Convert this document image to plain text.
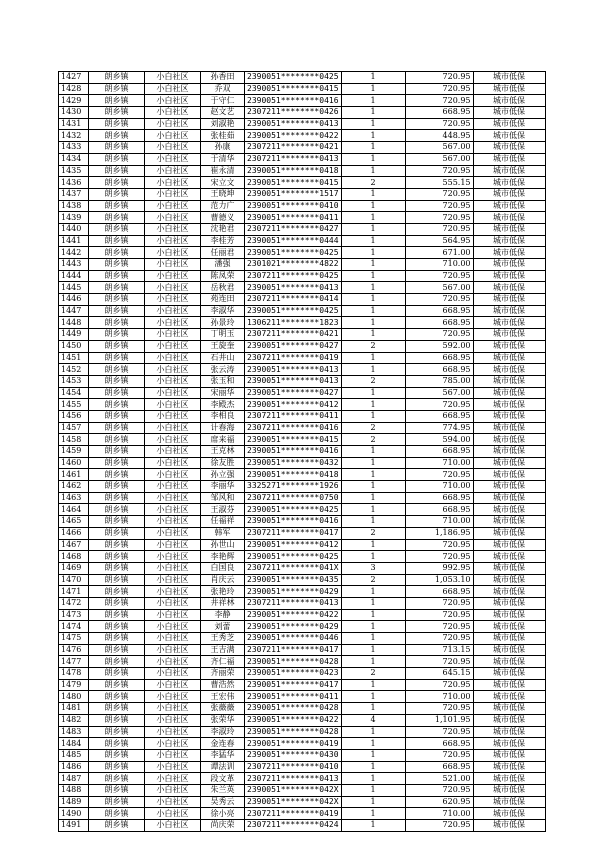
1427	朗乡镇	小白社区	孙香田	2390051********0425	1	720.95	城市低保
1428	朗乡镇	小白社区	乔双	2390051********0415	1	720.95	城市低保
1429	朗乡镇	小白社区	于守仁	2390051********0416	1	720.95	城市低保
1430	朗乡镇	小白社区	赵文艺	2307211********0426	1	668.95	城市低保
1431	朗乡镇	小白社区	刘淑艳	2390051********0413	1	720.95	城市低保
1432	朗乡镇	小白社区	张桂茹	2390051********0422	1	448.95	城市低保
1433	朗乡镇	小白社区	孙康	2307211********0421	1	567.00	城市低保
1434	朗乡镇	小白社区	于清华	2307211********0413	1	567.00	城市低保
1435	朗乡镇	小白社区	崔永清	2390051********0418	1	720.95	城市低保
1436	朗乡镇	小白社区	宋立文	2390051********0415	2	555.15	城市低保
1437	朗乡镇	小白社区	王晓坤	2390051********1517	1	720.95	城市低保
1438	朗乡镇	小白社区	范力广	2390051********0410	1	720.95	城市低保
1439	朗乡镇	小白社区	曹德义	2390051********0411	1	720.95	城市低保
1440	朗乡镇	小白社区	沈艳君	2307211********0427	1	720.95	城市低保
1441	朗乡镇	小白社区	李桂芳	2390051********0444	1	564.95	城市低保
1442	朗乡镇	小白社区	任丽君	2390051********0425	1	671.00	城市低保
1443	朗乡镇	小白社区	潘强	2301021********4822	1	710.00	城市低保
1444	朗乡镇	小白社区	陈凤荣	2307211********0425	1	720.95	城市低保
1445	朗乡镇	小白社区	岳秋君	2390051********0413	1	567.00	城市低保
1446	朗乡镇	小白社区	苑连田	2307211********0414	1	720.95	城市低保
1447	朗乡镇	小白社区	李淑华	2390051********0425	1	668.95	城市低保
1448	朗乡镇	小白社区	孙景玲	1306211********1823	1	668.95	城市低保
1449	朗乡镇	小白社区	丁明玉	2307211********0421	1	720.95	城市低保
1450	朗乡镇	小白社区	王旋奎	2390051********0427	2	592.00	城市低保
1451	朗乡镇	小白社区	石井山	2307211********0419	1	668.95	城市低保
1452	朗乡镇	小白社区	张云涛	2390051********0413	1	668.95	城市低保
1453	朗乡镇	小白社区	张玉和	2390051********0413	2	785.00	城市低保
1454	朗乡镇	小白社区	宋丽华	2390051********0427	1	567.00	城市低保
1455	朗乡镇	小白社区	李殿杰	2390051********0412	1	720.95	城市低保
1456	朗乡镇	小白社区	李相良	2307211********0411	1	668.95	城市低保
1457	朗乡镇	小白社区	计春海	2307211********0416	2	774.95	城市低保
1458	朗乡镇	小白社区	席来福	2390051********0415	2	594.00	城市低保
1459	朗乡镇	小白社区	王克林	2390051********0416	1	668.95	城市低保
1460	朗乡镇	小白社区	徐友胜	2390051********0432	1	710.00	城市低保
1461	朗乡镇	小白社区	孙立强	2390051********0418	1	720.95	城市低保
1462	朗乡镇	小白社区	李丽华	3325271********1926	1	710.00	城市低保
1463	朗乡镇	小白社区	邹风和	2307211********0750	1	668.95	城市低保
1464	朗乡镇	小白社区	王淑芬	2390051********0425	1	668.95	城市低保
1465	朗乡镇	小白社区	任福祥	2390051********0416	1	710.00	城市低保
1466	朗乡镇	小白社区	韩军	2307211********0417	2	1,186.95	城市低保
1467	朗乡镇	小白社区	孙世山	2390051********0412	1	720.95	城市低保
1468	朗乡镇	小白社区	李艳辉	2390051********0425	1	720.95	城市低保
1469	朗乡镇	小白社区	白国良	2307211********041X	3	992.95	城市低保
1470	朗乡镇	小白社区	肖庆云	2390051********0435	2	1,053.10	城市低保
1471	朗乡镇	小白社区	张艳玲	2390051********0429	1	668.95	城市低保
1472	朗乡镇	小白社区	井祥林	2307211********0413	1	720.95	城市低保
1473	朗乡镇	小白社区	李静	2390051********0422	1	720.95	城市低保
1474	朗乡镇	小白社区	刘蕾	2390051********0429	1	720.95	城市低保
1475	朗乡镇	小白社区	王秀芝	2390051********0446	1	720.95	城市低保
1476	朗乡镇	小白社区	王吉满	2307211********0417	1	713.15	城市低保
1477	朗乡镇	小白社区	齐仁福	2390051********0428	1	720.95	城市低保
1478	朗乡镇	小白社区	齐丽荣	2390051********0423	2	645.15	城市低保
1479	朗乡镇	小白社区	曹浩然	2390051********0417	1	720.95	城市低保
1480	朗乡镇	小白社区	王宏伟	2390051********0411	1	710.00	城市低保
1481	朗乡镇	小白社区	张薇薇	2390051********0428	1	720.95	城市低保
1482	朗乡镇	小白社区	张荣华	2390051********0422	4	1,101.95	城市低保
1483	朗乡镇	小白社区	李淑玲	2390051********0428	1	720.95	城市低保
1484	朗乡镇	小白社区	金连春	2390051********0419	1	668.95	城市低保
1485	朗乡镇	小白社区	李猛华	2390051********0430	1	720.95	城市低保
1486	朗乡镇	小白社区	谭法训	2307211********0410	1	668.95	城市低保
1487	朗乡镇	小白社区	段文革	2307211********0413	1	521.00	城市低保
1488	朗乡镇	小白社区	朱兰英	2390051********042X	1	720.95	城市低保
1489	朗乡镇	小白社区	吴秀云	2390051********042X	1	620.95	城市低保
1490	朗乡镇	小白社区	徐小亮	2307211********0419	1	710.00	城市低保
1491	朗乡镇	小白社区	尚庆荣	2307211********0424	1	720.95	城市低保
